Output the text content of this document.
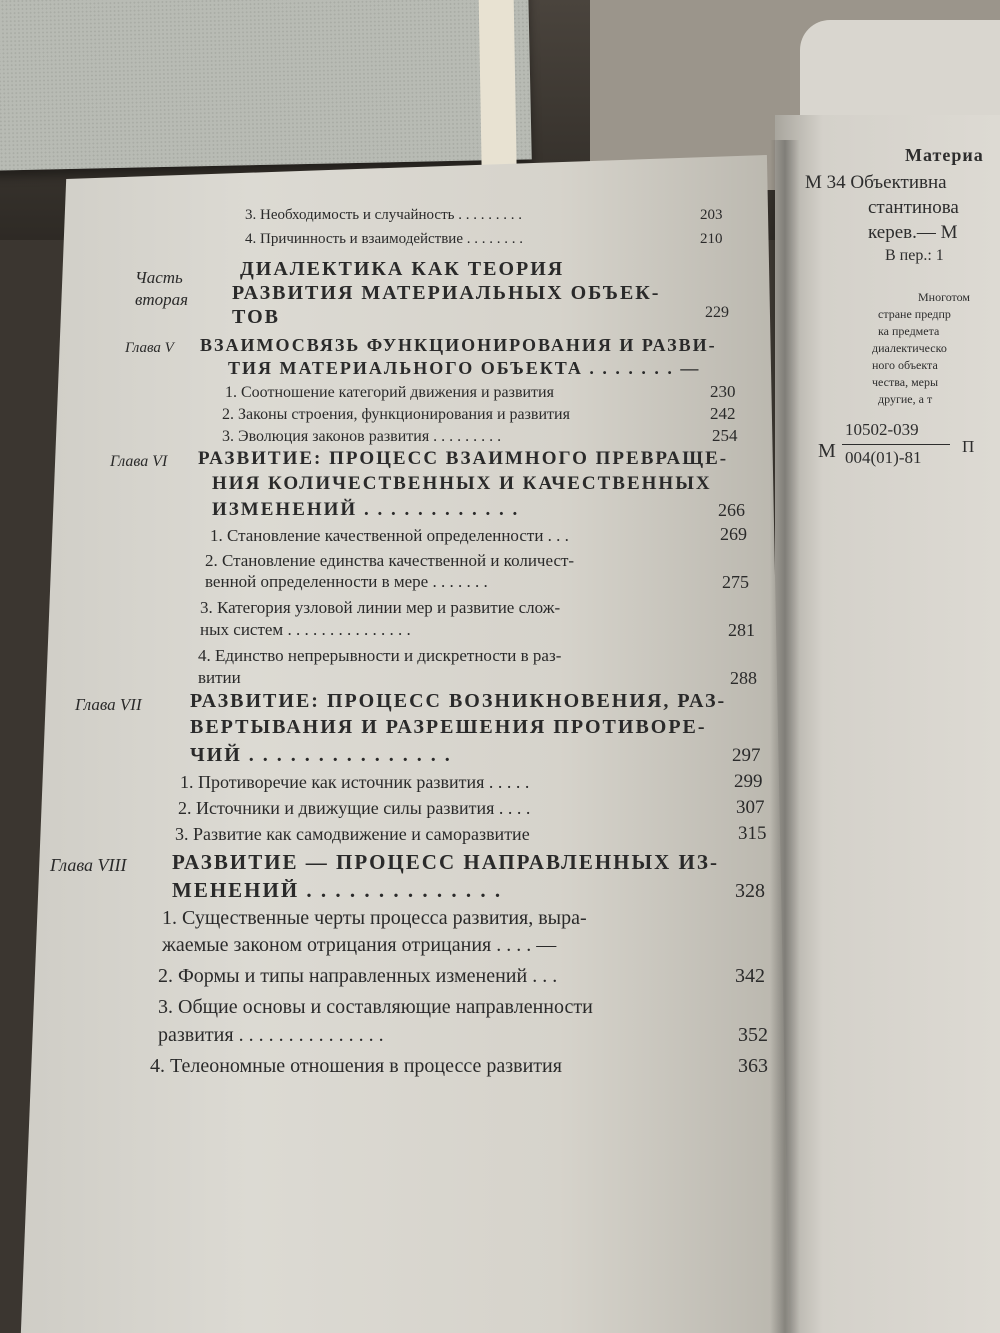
3. Необходимость и случайность . . . . . . . . .	203
4. Причинность и взаимодействие . . . . . . . .	210
Часть
вторая
ДИАЛЕКТИКА КАК ТЕОРИЯ
РАЗВИТИЯ МАТЕРИАЛЬНЫХ ОБЪЕК-
ТОВ	229
Глава V ВЗАИМОСВЯЗЬ ФУНКЦИОНИРОВАНИЯ И РАЗВИ-
ТИЯ МАТЕРИАЛЬНОГО ОБЪЕКТА . . . . . . . —
1. Соотношение категорий движения и развития	230
2. Законы строения, функционирования и развития	242
3. Эволюция законов развития . . . . . . . . .	254
Глава VI РАЗВИТИЕ: ПРОЦЕСС ВЗАИМНОГО ПРЕВРАЩЕ-
НИЯ КОЛИЧЕСТВЕННЫХ И КАЧЕСТВЕННЫХ
ИЗМЕНЕНИЙ . . . . . . . . . . . .	266
1. Становление качественной определенности . . .	269
2. Становление единства качественной и количест-
венной определенности в мере . . . . . . .	275
3. Категория узловой линии мер и развитие слож-
ных систем . . . . . . . . . . . . . . .	281
4. Единство непрерывности и дискретности в раз-
витии	288
Глава VII РАЗВИТИЕ: ПРОЦЕСС ВОЗНИКНОВЕНИЯ, РАЗ-
ВЕРТЫВАНИЯ И РАЗРЕШЕНИЯ ПРОТИВОРЕ-
ЧИЙ . . . . . . . . . . . . . . .	297
1. Противоречие как источник развития . . . . .	299
2. Источники и движущие силы развития . . . .	307
3. Развитие как самодвижение и саморазвитие	315
Глава VIII РАЗВИТИЕ — ПРОЦЕСС НАПРАВЛЕННЫХ ИЗ-
МЕНЕНИЙ . . . . . . . . . . . . . .	328
1. Существенные черты процесса развития, выра-
жаемые законом отрицания отрицания . . . . —
2. Формы и типы направленных изменений . . .	342
3. Общие основы и составляющие направленности
развития . . . . . . . . . . . . . . .	352
4. Телеономные отношения в процессе развития	363
Материа
М 34 Объективна
стантинова
керев.— М
В пер.: 1
Многотом
стране предпр
ка предмета
диалектическо
ного объекта
чества, меры
другие, а т
М
10502-039
004(01)-81
П
